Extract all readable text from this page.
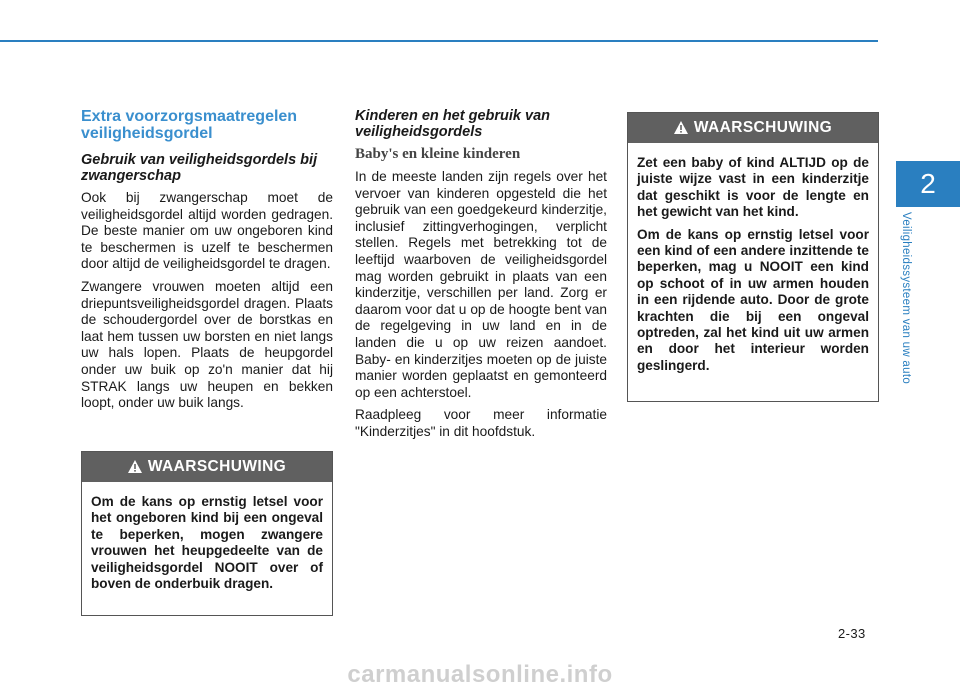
2
Veiligheidssysteem van uw auto
Extra voorzorgsmaatregelen veiligheidsgordel
Gebruik van veiligheidsgordels bij zwangerschap

Ook bij zwangerschap moet de veiligheidsgordel altijd worden gedragen. De beste manier om uw ongeboren kind te beschermen is uzelf te beschermen door altijd de veiligheidsgordel te dragen.

Zwangere vrouwen moeten altijd een driepuntsveiligheidsgordel dragen. Plaats de schoudergordel over de borstkas en laat hem tussen uw borsten en niet langs uw hals lopen. Plaats de heupgordel onder uw buik op zo'n manier dat hij STRAK langs uw heupen en bekken loopt, onder uw buik langs.

WAARSCHUWING

Om de kans op ernstig letsel voor het ongeboren kind bij een ongeval te beperken, mogen zwangere vrouwen het heupgedeelte van de veiligheidsgordel NOOIT over of boven de onderbuik dragen.

Kinderen en het gebruik van veiligheidsgordels
Baby's en kleine kinderen

In de meeste landen zijn regels over het vervoer van kinderen opgesteld die het gebruik van een goedgekeurd kinderzitje, inclusief zittingverhogingen, verplicht stellen. Regels met betrekking tot de leeftijd waarboven de veiligheidsgordel mag worden gebruikt in plaats van een kinderzitje, verschillen per land. Zorg er daarom voor dat u op de hoogte bent van de regelgeving in uw land en in de landen die u op uw reizen aandoet. Baby- en kinderzitjes moeten op de juiste manier worden geplaatst en gemonteerd op een achterstoel.

Raadpleeg voor meer informatie "Kinderzitjes" in dit hoofdstuk.

WAARSCHUWING

Zet een baby of kind ALTIJD op de juiste wijze vast in een kinderzitje dat geschikt is voor de lengte en het gewicht van het kind.

Om de kans op ernstig letsel voor een kind of een andere inzittende te beperken, mag u NOOIT een kind op schoot of in uw armen houden in een rijdende auto. Door de grote krachten die bij een ongeval optreden, zal het kind uit uw armen en door het interieur worden geslingerd.

2-33
carmanualsonline.info
